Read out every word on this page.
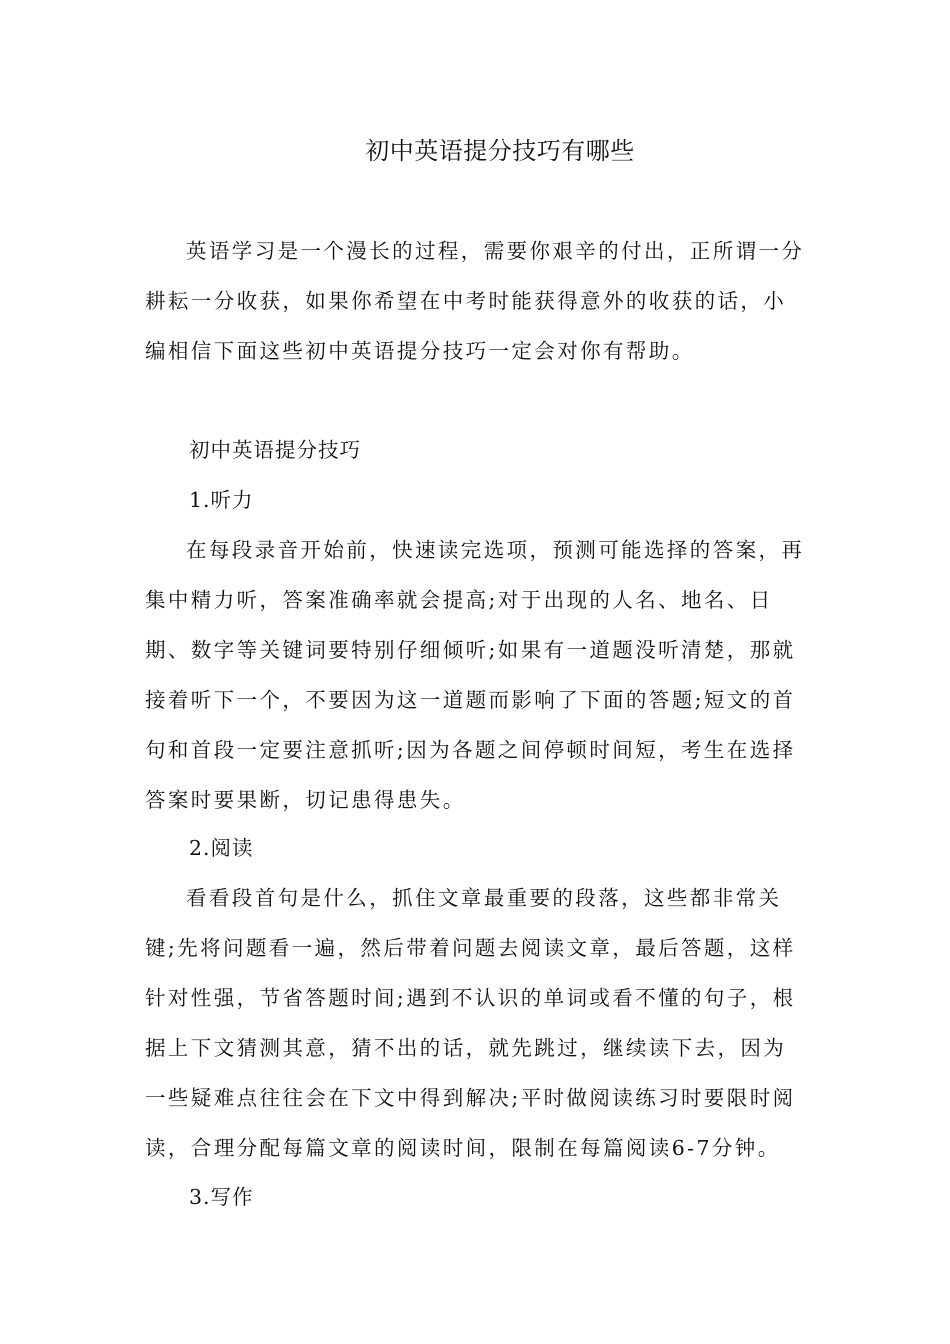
初中英语提分技巧有哪些

英语学习是一个漫长的过程，需要你艰辛的付出，正所谓一分耕耘一分收获，如果你希望在中考时能获得意外的收获的话，小编相信下面这些初中英语提分技巧一定会对你有帮助。

初中英语提分技巧

1.听力

在每段录音开始前，快速读完选项，预测可能选择的答案，再集中精力听，答案准确率就会提高;对于出现的人名、地名、日期、数字等关键词要特别仔细倾听;如果有一道题没听清楚，那就接着听下一个，不要因为这一道题而影响了下面的答题;短文的首句和首段一定要注意抓听;因为各题之间停顿时间短，考生在选择答案时要果断，切记患得患失。

2.阅读

看看段首句是什么，抓住文章最重要的段落，这些都非常关键;先将问题看一遍，然后带着问题去阅读文章，最后答题，这样针对性强，节省答题时间;遇到不认识的单词或看不懂的句子，根据上下文猜测其意，猜不出的话，就先跳过，继续读下去，因为一些疑难点往往会在下文中得到解决;平时做阅读练习时要限时阅读，合理分配每篇文章的阅读时间，限制在每篇阅读6-7分钟。

3.写作
